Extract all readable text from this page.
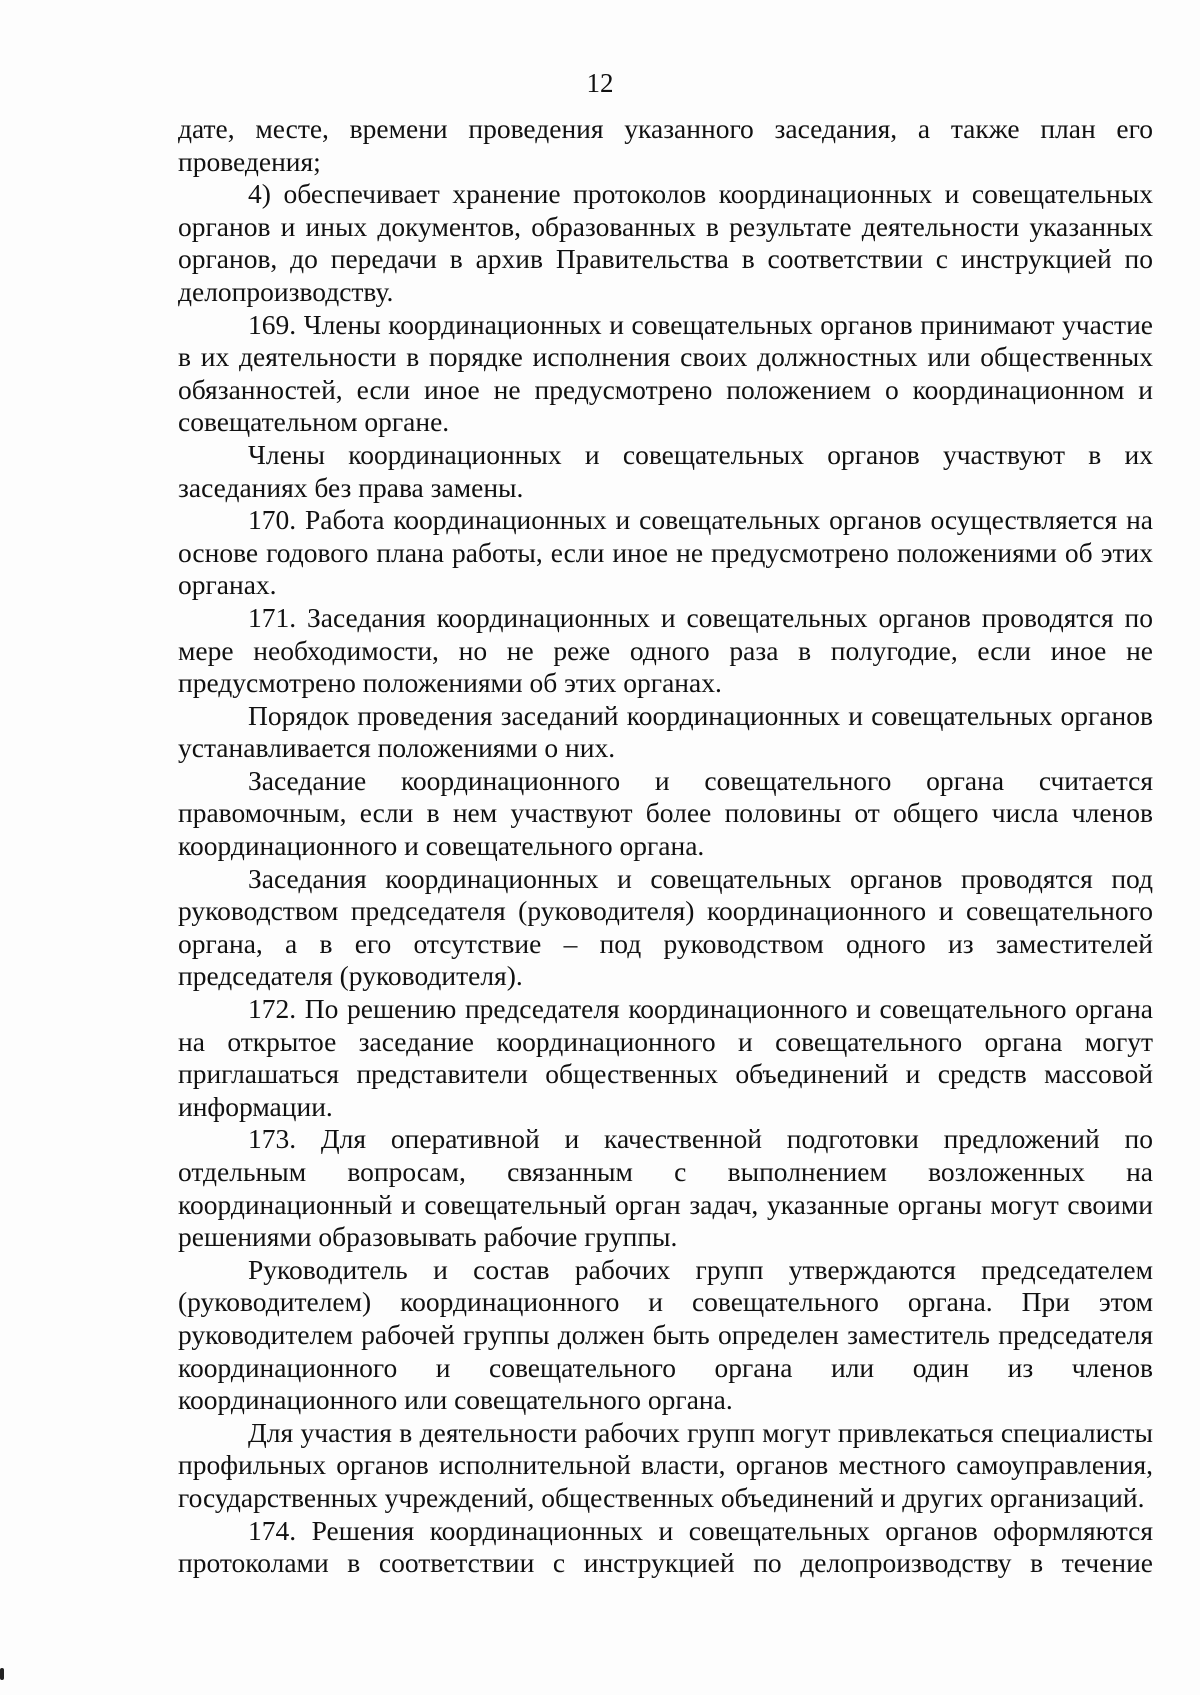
12

дате, месте, времени проведения указанного заседания, а также план его проведения;

4) обеспечивает хранение протоколов координационных и совещательных органов и иных документов, образованных в результате деятельности указанных органов, до передачи в архив Правительства в соответствии с инструкцией по делопроизводству.

169. Члены координационных и совещательных органов принимают участие в их деятельности в порядке исполнения своих должностных или общественных обязанностей, если иное не предусмотрено положением о координационном и совещательном органе.

Члены координационных и совещательных органов участвуют в их заседаниях без права замены.

170. Работа координационных и совещательных органов осуществляется на основе годового плана работы, если иное не предусмотрено положениями об этих органах.

171. Заседания координационных и совещательных органов проводятся по мере необходимости, но не реже одного раза в полугодие, если иное не предусмотрено положениями об этих органах.

Порядок проведения заседаний координационных и совещательных органов устанавливается положениями о них.

Заседание координационного и совещательного органа считается правомочным, если в нем участвуют более половины от общего числа членов координационного и совещательного органа.

Заседания координационных и совещательных органов проводятся под руководством председателя (руководителя) координационного и совещательного органа, а в его отсутствие – под руководством одного из заместителей председателя (руководителя).

172. По решению председателя координационного и совещательного органа на открытое заседание координационного и совещательного органа могут приглашаться представители общественных объединений и средств массовой информации.

173. Для оперативной и качественной подготовки предложений по отдельным вопросам, связанным с выполнением возложенных на координационный и совещательный орган задач, указанные органы могут своими решениями образовывать рабочие группы.

Руководитель и состав рабочих групп утверждаются председателем (руководителем) координационного и совещательного органа. При этом руководителем рабочей группы должен быть определен заместитель председателя координационного и совещательного органа или один из членов координационного или совещательного органа.

Для участия в деятельности рабочих групп могут привлекаться специалисты профильных органов исполнительной власти, органов местного самоуправления, государственных учреждений, общественных объединений и других организаций.

174. Решения координационных и совещательных органов оформляются протоколами в соответствии с инструкцией по делопроизводству в течение
